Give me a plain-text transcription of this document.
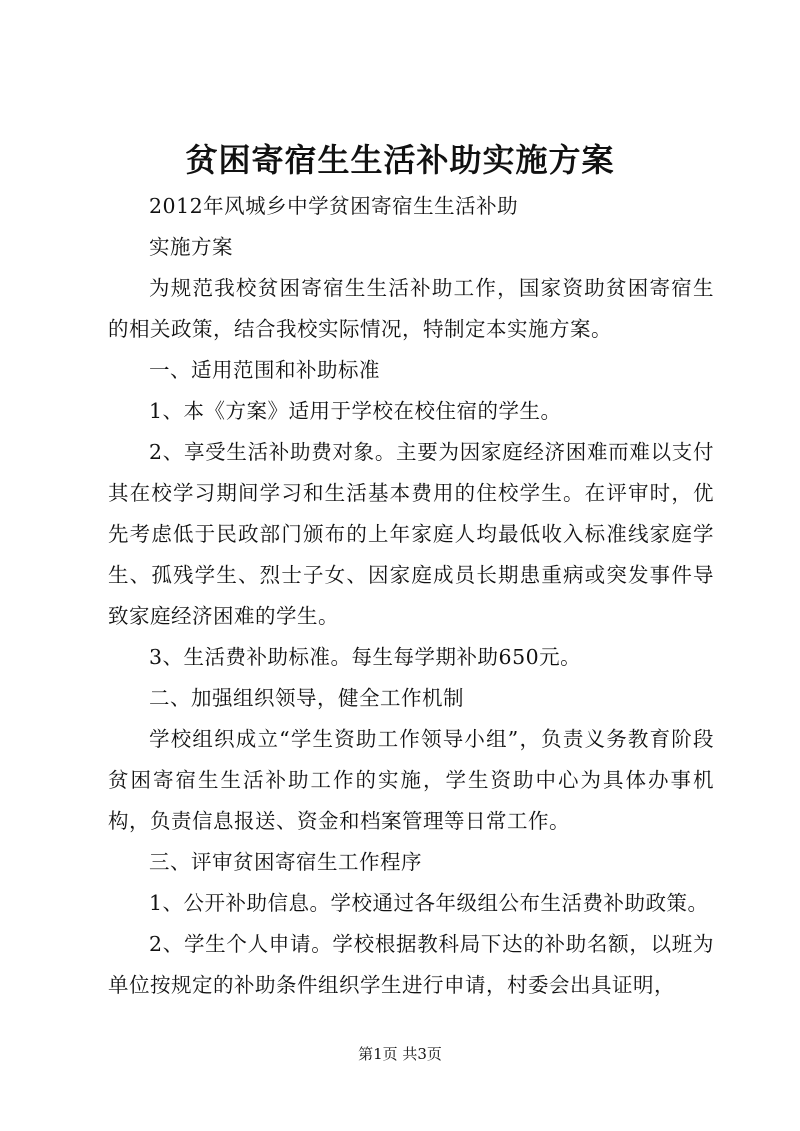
贫困寄宿生生活补助实施方案

2012年风城乡中学贫困寄宿生生活补助

实施方案

为规范我校贫困寄宿生生活补助工作，国家资助贫困寄宿生的相关政策，结合我校实际情况，特制定本实施方案。

一、适用范围和补助标准

1、本《方案》适用于学校在校住宿的学生。

2、享受生活补助费对象。主要为因家庭经济困难而难以支付其在校学习期间学习和生活基本费用的住校学生。在评审时，优先考虑低于民政部门颁布的上年家庭人均最低收入标准线家庭学生、孤残学生、烈士子女、因家庭成员长期患重病或突发事件导致家庭经济困难的学生。

3、生活费补助标准。每生每学期补助650元。

二、加强组织领导，健全工作机制

学校组织成立“学生资助工作领导小组”，负责义务教育阶段贫困寄宿生生活补助工作的实施，学生资助中心为具体办事机构，负责信息报送、资金和档案管理等日常工作。

三、评审贫困寄宿生工作程序

1、公开补助信息。学校通过各年级组公布生活费补助政策。

2、学生个人申请。学校根据教科局下达的补助名额，以班为单位按规定的补助条件组织学生进行申请，村委会出具证明，

第1页 共3页
